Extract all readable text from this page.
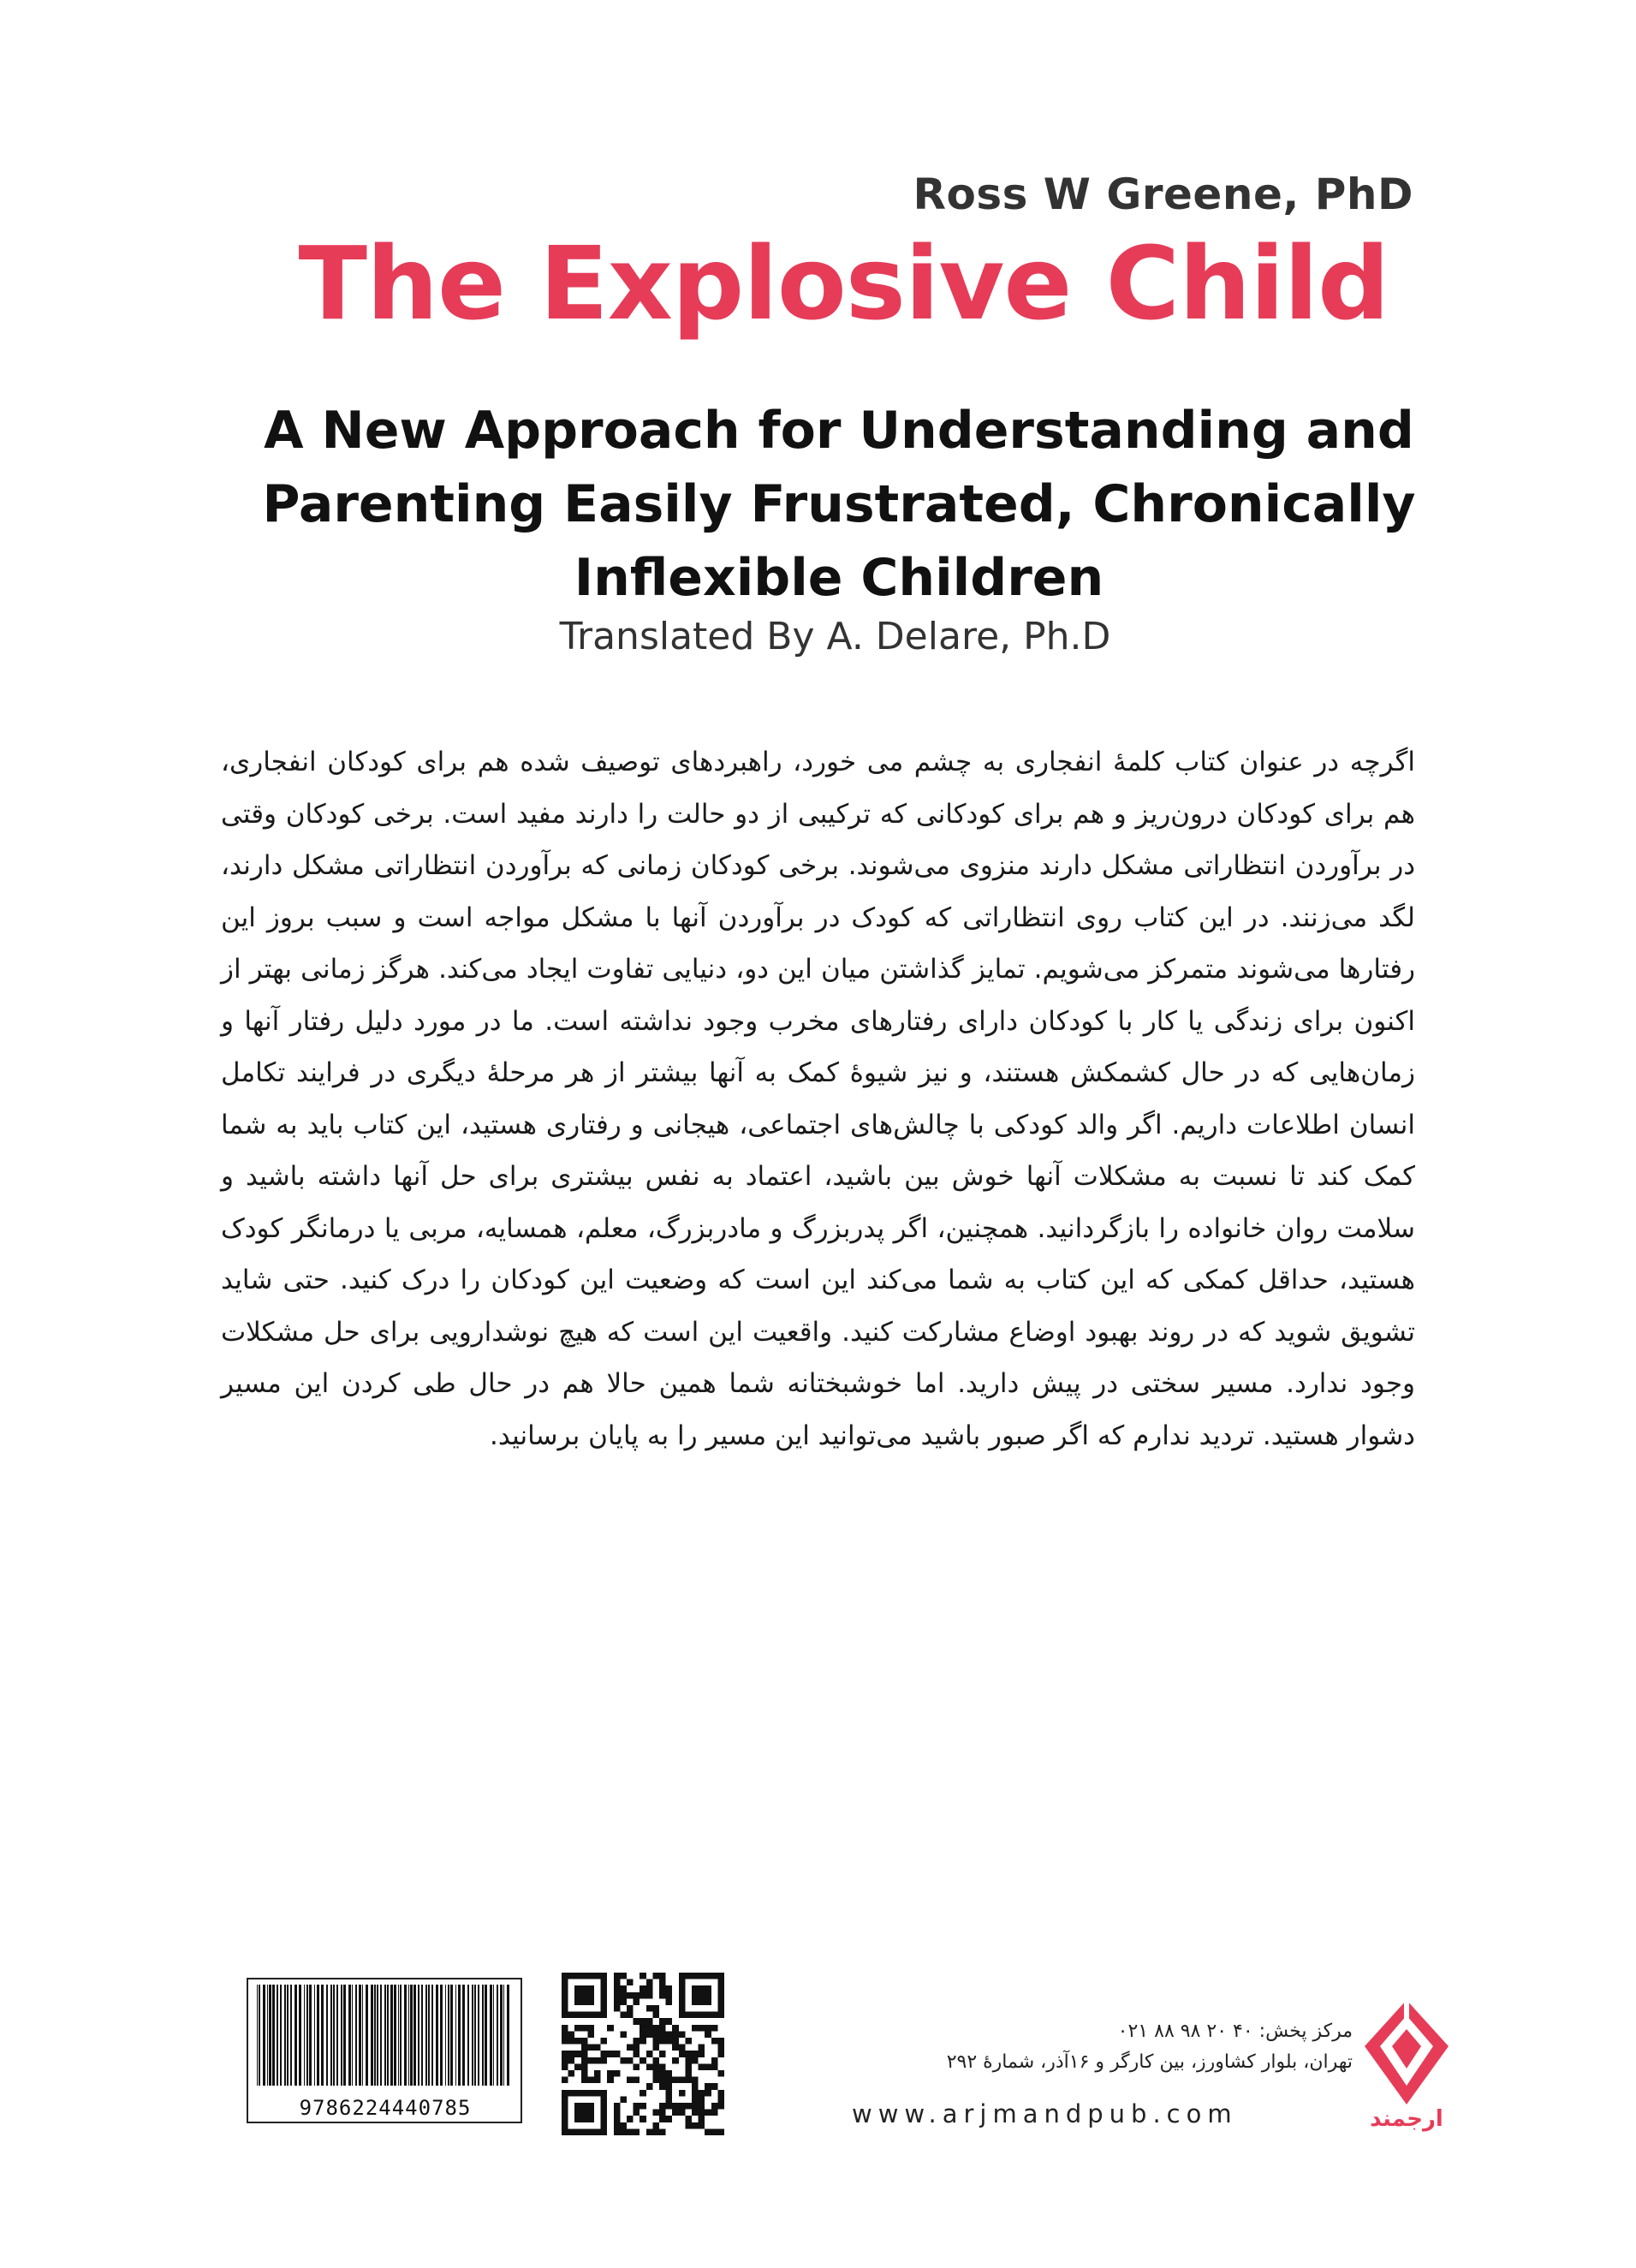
Ross W Greene, PhD
The Explosive Child
A New Approach for Understanding and
Parenting Easily Frustrated, Chronically
Inflexible Children
Translated By A. Delare, Ph.D

اگرچه در عنوان کتاب کلمهٔ انفجاری به چشم می خورد، راهبردهای توصیف شده هم برای کودکان انفجاری، هم برای کودکان درون‌ریز و هم برای کودکانی که ترکیبی از دو حالت را دارند مفید است. برخی کودکان وقتی در برآوردن انتظاراتی مشکل دارند منزوی می‌شوند. برخی کودکان زمانی که برآوردن انتظاراتی مشکل دارند، لگد می‌زنند. در این کتاب روی انتظاراتی که کودک در برآوردن آنها با مشکل مواجه است و سبب بروز این رفتارها می‌شوند متمرکز می‌شویم. تمایز گذاشتن میان این دو، دنیایی تفاوت ایجاد می‌کند. هرگز زمانی بهتر از اکنون برای زندگی یا کار با کودکان دارای رفتارهای مخرب وجود نداشته است. ما در مورد دلیل رفتار آنها و زمان‌هایی که در حال کشمکش هستند، و نیز شیوهٔ کمک به آنها بیشتر از هر مرحلهٔ دیگری در فرایند تکامل انسان اطلاعات داریم. اگر والد کودکی با چالش‌های اجتماعی، هیجانی و رفتاری هستید، این کتاب باید به شما کمک کند تا نسبت به مشکلات آنها خوش بین باشید، اعتماد به نفس بیشتری برای حل آنها داشته باشید و سلامت روان خانواده را بازگردانید. همچنین، اگر پدربزرگ و مادربزرگ، معلم، همسایه، مربی یا درمانگر کودک هستید، حداقل کمکی که این کتاب به شما می‌کند این است که وضعیت این کودکان را درک کنید. حتی شاید تشویق شوید که در روند بهبود اوضاع مشارکت کنید. واقعیت این است که هیچ نوشدارویی برای حل مشکلات وجود ندارد. مسیر سختی در پیش دارید. اما خوشبختانه شما همین حالا هم در حال طی کردن این مسیر دشوار هستید. تردید ندارم که اگر صبور باشید می‌توانید این مسیر را به پایان برسانید.

9786224440785
مرکز پخش: ۴۰ ۲۰ ۹۸ ۸۸ ۰۲۱
تهران، بلوار کشاورز، بین کارگر و ۱۶آذر، شمارهٔ ۲۹۲
www.arjmandpub.com	ارجمند
